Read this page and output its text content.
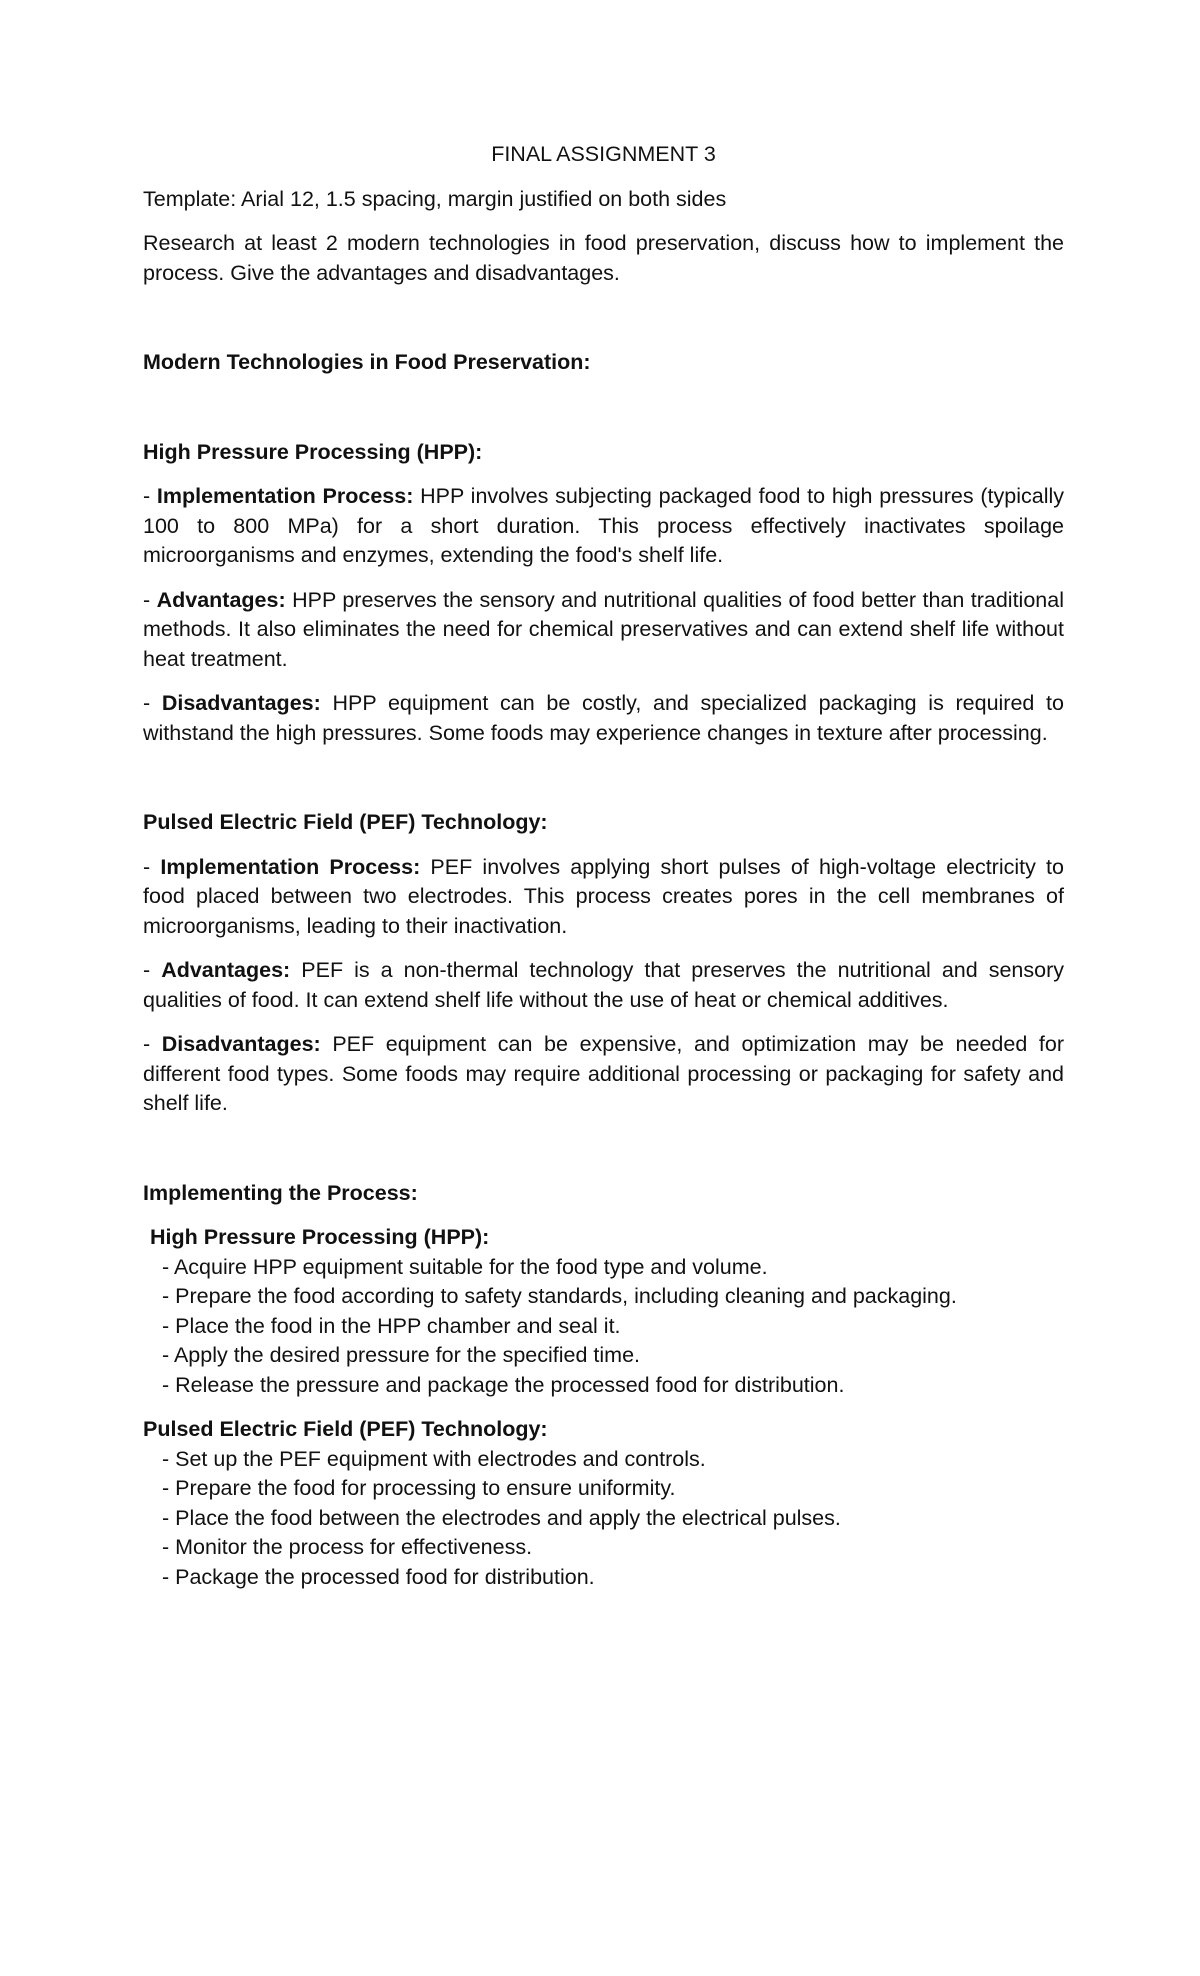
FINAL ASSIGNMENT 3

Template: Arial 12, 1.5 spacing, margin justified on both sides

Research at least 2 modern technologies in food preservation, discuss how to implement the process. Give the advantages and disadvantages.

Modern Technologies in Food Preservation:

High Pressure Processing (HPP):

- Implementation Process: HPP involves subjecting packaged food to high pressures (typically 100 to 800 MPa) for a short duration. This process effectively inactivates spoilage microorganisms and enzymes, extending the food's shelf life.

- Advantages: HPP preserves the sensory and nutritional qualities of food better than traditional methods. It also eliminates the need for chemical preservatives and can extend shelf life without heat treatment.

- Disadvantages: HPP equipment can be costly, and specialized packaging is required to withstand the high pressures. Some foods may experience changes in texture after processing.

Pulsed Electric Field (PEF) Technology:

- Implementation Process: PEF involves applying short pulses of high-voltage electricity to food placed between two electrodes. This process creates pores in the cell membranes of microorganisms, leading to their inactivation.

- Advantages: PEF is a non-thermal technology that preserves the nutritional and sensory qualities of food. It can extend shelf life without the use of heat or chemical additives.

- Disadvantages: PEF equipment can be expensive, and optimization may be needed for different food types. Some foods may require additional processing or packaging for safety and shelf life.

Implementing the Process:

High Pressure Processing (HPP):

- Acquire HPP equipment suitable for the food type and volume.

- Prepare the food according to safety standards, including cleaning and packaging.

- Place the food in the HPP chamber and seal it.

- Apply the desired pressure for the specified time.

- Release the pressure and package the processed food for distribution.

Pulsed Electric Field (PEF) Technology:

- Set up the PEF equipment with electrodes and controls.

- Prepare the food for processing to ensure uniformity.

- Place the food between the electrodes and apply the electrical pulses.

- Monitor the process for effectiveness.

- Package the processed food for distribution.
